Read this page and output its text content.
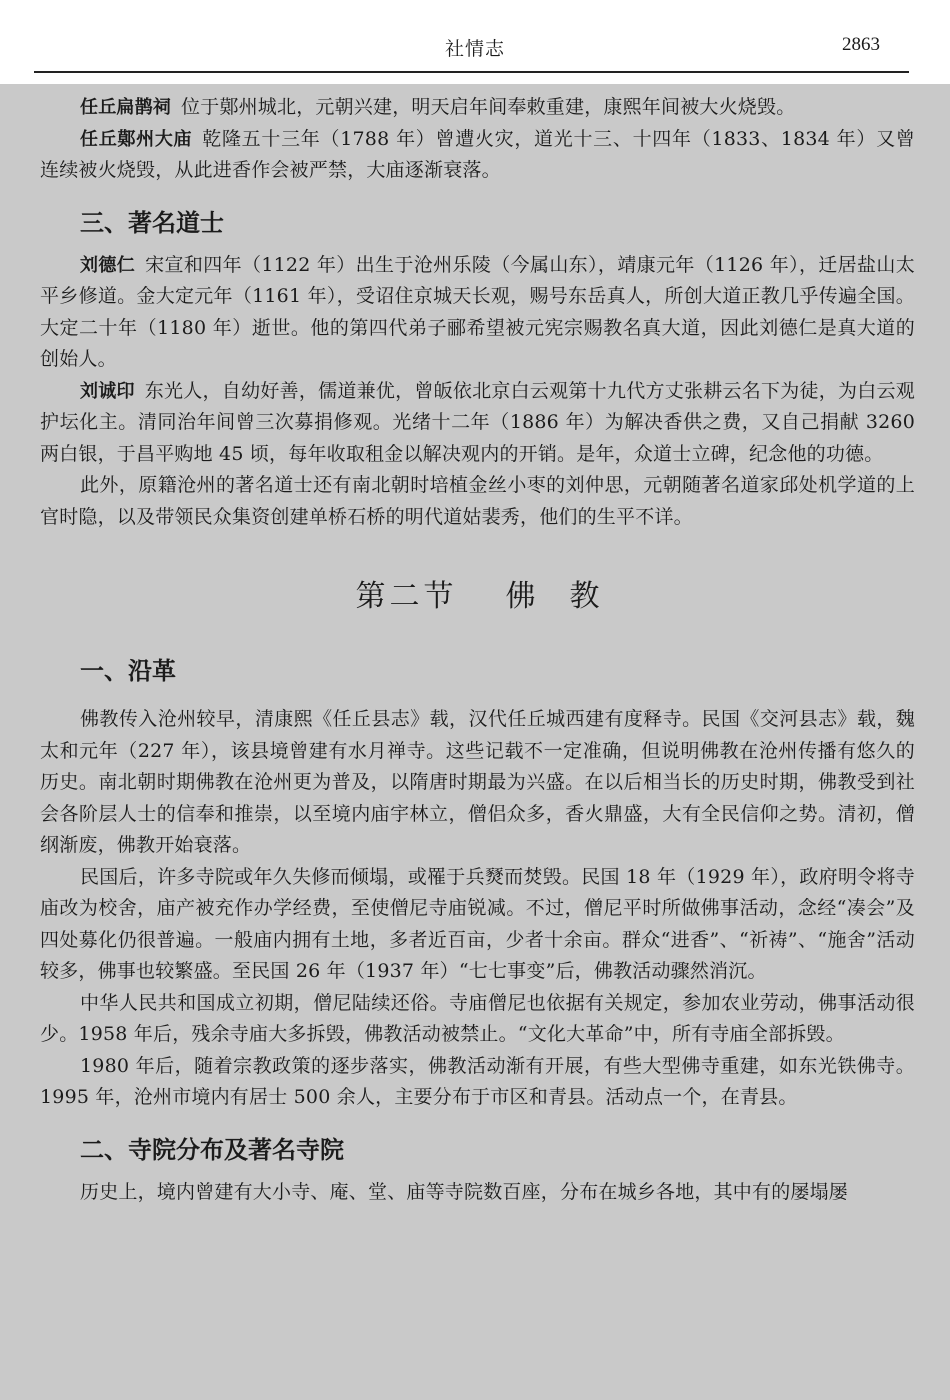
社情志	2863

任丘扁鹊祠 位于鄚州城北，元朝兴建，明天启年间奉敕重建，康熙年间被大火烧毁。

任丘鄚州大庙 乾隆五十三年（1788 年）曾遭火灾，道光十三、十四年（1833、1834 年）又曾连续被火烧毁，从此进香作会被严禁，大庙逐渐衰落。

三、著名道士

刘德仁 宋宣和四年（1122 年）出生于沧州乐陵（今属山东），靖康元年（1126 年），迁居盐山太平乡修道。金大定元年（1161 年），受诏住京城天长观，赐号东岳真人，所创大道正教几乎传遍全国。大定二十年（1180 年）逝世。他的第四代弟子郦希望被元宪宗赐教名真大道，因此刘德仁是真大道的创始人。

刘诚印 东光人，自幼好善，儒道兼优，曾皈依北京白云观第十九代方丈张耕云名下为徒，为白云观护坛化主。清同治年间曾三次募捐修观。光绪十二年（1886 年）为解决香供之费，又自己捐献 3260 两白银，于昌平购地 45 顷，每年收取租金以解决观内的开销。是年，众道士立碑，纪念他的功德。

此外，原籍沧州的著名道士还有南北朝时培植金丝小枣的刘仲思，元朝随著名道家邱处机学道的上官时隐，以及带领民众集资创建单桥石桥的明代道姑裴秀，他们的生平不详。

第二节 佛教
一、沿革

佛教传入沧州较早，清康熙《任丘县志》载，汉代任丘城西建有度释寺。民国《交河县志》载，魏太和元年（227 年），该县境曾建有水月禅寺。这些记载不一定准确，但说明佛教在沧州传播有悠久的历史。南北朝时期佛教在沧州更为普及，以隋唐时期最为兴盛。在以后相当长的历史时期，佛教受到社会各阶层人士的信奉和推崇，以至境内庙宇林立，僧侣众多，香火鼎盛，大有全民信仰之势。清初，僧纲渐废，佛教开始衰落。

民国后，许多寺院或年久失修而倾塌，或罹于兵燹而焚毁。民国 18 年（1929 年），政府明令将寺庙改为校舍，庙产被充作办学经费，至使僧尼寺庙锐减。不过，僧尼平时所做佛事活动，念经“凑会”及四处募化仍很普遍。一般庙内拥有土地，多者近百亩，少者十余亩。群众“进香”、“祈祷”、“施舍”活动较多，佛事也较繁盛。至民国 26 年（1937 年）“七七事变”后，佛教活动骤然消沉。

中华人民共和国成立初期，僧尼陆续还俗。寺庙僧尼也依据有关规定，参加农业劳动，佛事活动很少。1958 年后，残余寺庙大多拆毁，佛教活动被禁止。“文化大革命”中，所有寺庙全部拆毁。

1980 年后，随着宗教政策的逐步落实，佛教活动渐有开展，有些大型佛寺重建，如东光铁佛寺。1995 年，沧州市境内有居士 500 余人，主要分布于市区和青县。活动点一个，在青县。

二、寺院分布及著名寺院

历史上，境内曾建有大小寺、庵、堂、庙等寺院数百座，分布在城乡各地，其中有的屡塌屡
